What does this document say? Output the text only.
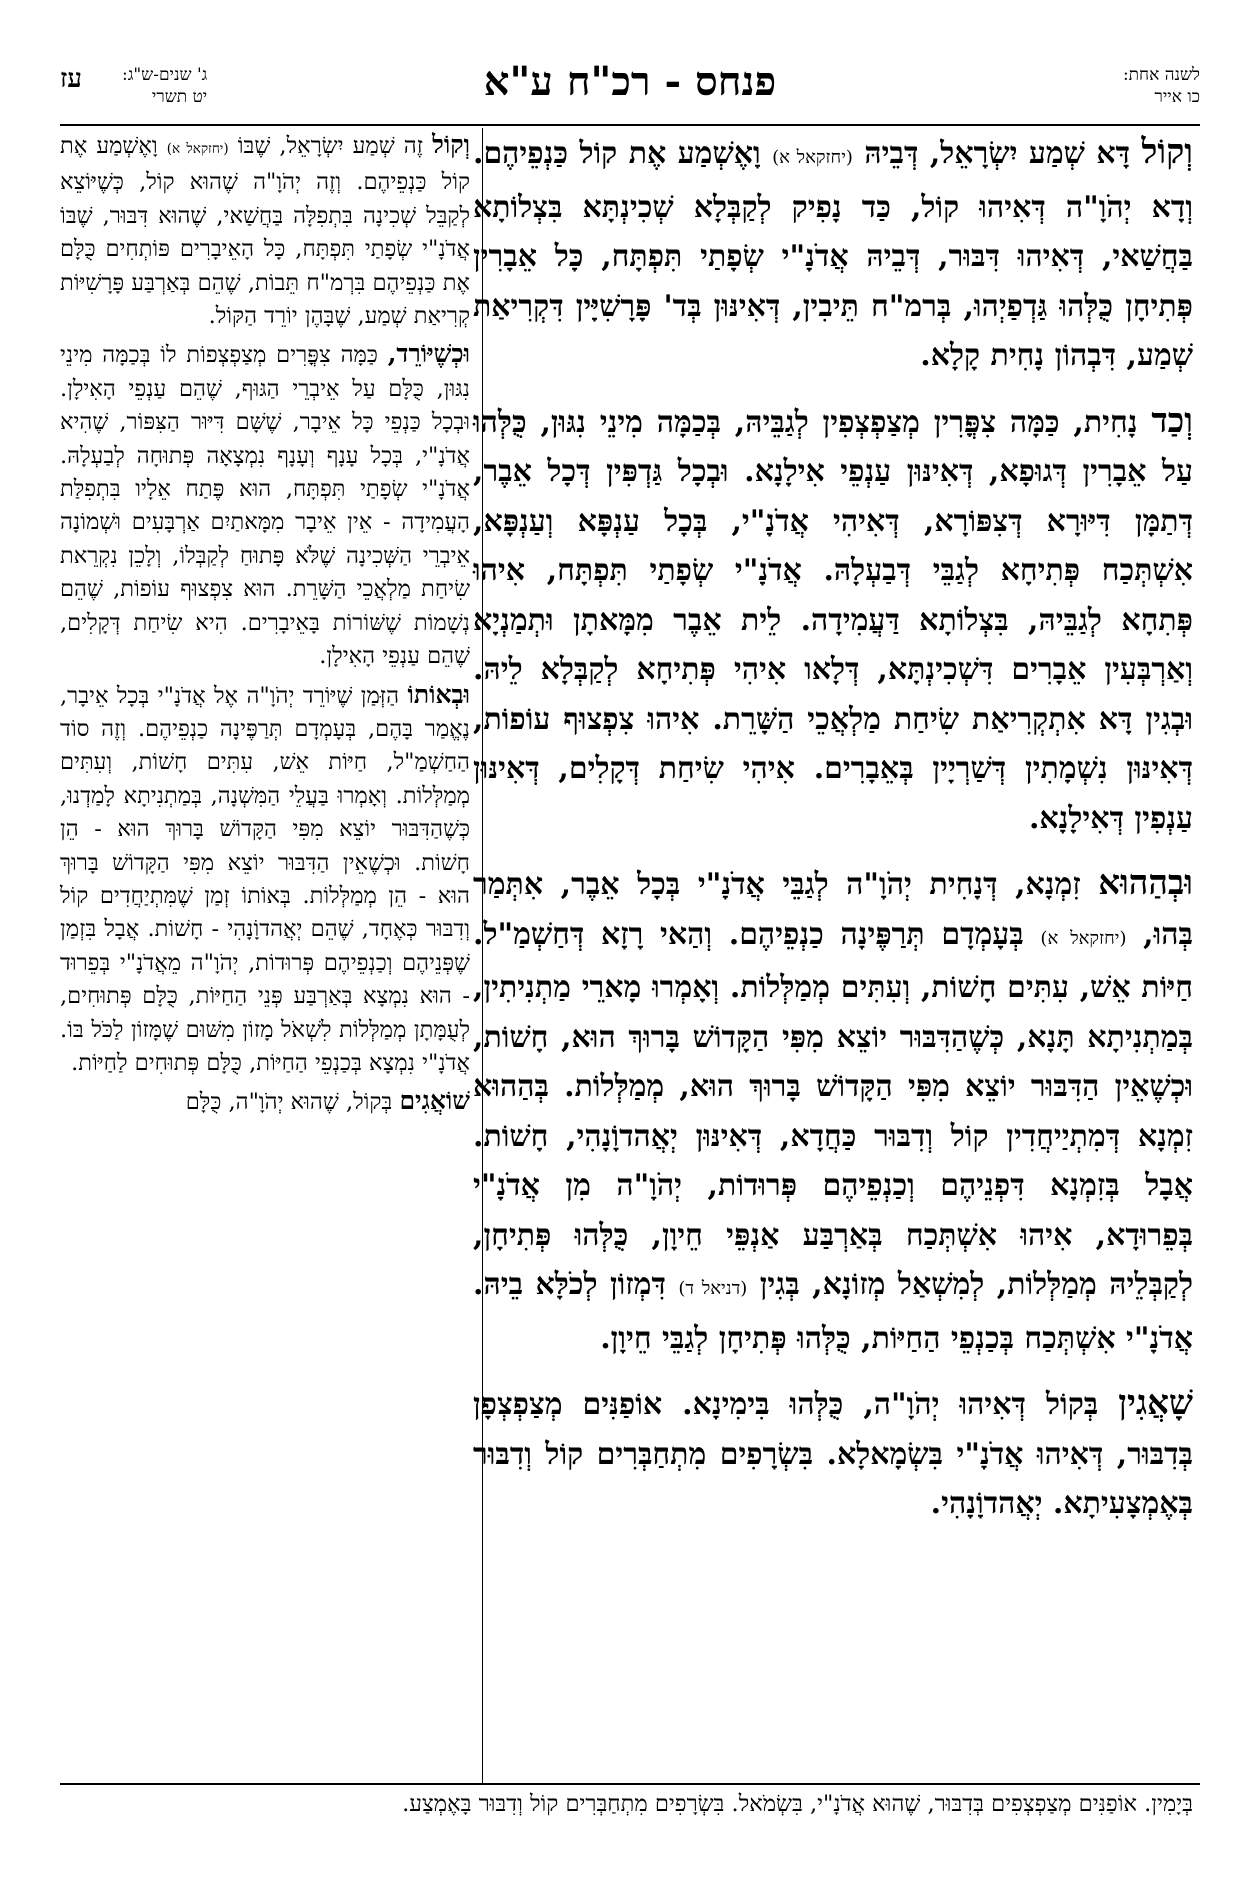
לשנה אחת:
כו אייר
פנחס - רכ"ח ע"א
ג' שנים-ש"ג:
יט תשרי
עז

וְקוֹל דָּא שְׁמַע יִשְׂרָאֵל, דְּבֵיהּ (יחזקאל א) וָאֶשְׁמַע אֶת קוֹל כַּנְפֵיהֶם. וְדָא יְהֹוָ"ה דְּאִיהוּ קוֹל, כַּד נָפִיק לְקַבְּלָא שְׁכִינְתָּא בִּצְלוֹתָא בַּחֲשַׁאי, דְּאִיהוּ דִּבּוּר, דְּבֵיהּ אֲדֹנָ"י שְׂפָתַי תִּפְתָּח, כָּל אֵבָרִין פְּתִיחָן כֻּלְּהוּ גַּדְפַיְהוּ, בְּרמ"ח תֵּיבִין, דְּאִינּוּן בְּד' פָּרָשִׁיָּין דִּקְרִיאַת שְׁמַע, דִּבְהוֹן נָחִית קָלָא.

וְכַד נָחִית, כַּמָּה צִפֳּרִין מְצַפְצְפִין לְגַבֵּיהּ, בְּכַמָּה מִינֵי נִגּוּן, כֻּלְּהוּ עַל אֵבָרִין דְּגוּפָא, דְּאִינּוּן עַנְפֵי אִילָנָא. וּבְכָל גַּדְפִּין דְּכָל אֵבֶר, דְּתַמָּן דִּיּוּרָא דְּצִפּוֹרָא, דְּאִיהִי אֲדֹנָ"י, בְּכָל עַנְפָּא וְעַנְפָּא, אִשְׁתְּכַח פְּתִיחָא לְגַבֵּי דְּבַעְלָהּ. אֲדֹנָ"י שְׂפָתַי תִּפְתָּח, אִיהוּ פְּתִחָא לְגַבֵּיהּ, בִּצְלוֹתָא דַּעֲמִידָה. לֵית אֵבֶר מִמָּאתָן וּתְמַנְיָא וְאַרְבְּעִין אֵבָרִים דִּשְׁכִינְתָּא, דְּלָאו אִיהִי פְּתִיחָא לְקַבְּלָא לֵיהּ. וּבְגִין דָּא אִתְקְרִיאַת שִׂיחַת מַלְאֲכֵי הַשָּׁרֵת. אִיהוּ צִפְצוּף עוֹפוֹת, דְּאִינּוּן נִשְׁמָתִין דְּשַׁרְיָין בְּאֵבָרִים. אִיהִי שִׂיחַת דְּקָלִים, דְּאִינּוּן עַנְפִין דְּאִילָנָא.

וּבְהַהוּא זִמְנָא, דְּנָחִית יְהֹוָ"ה לְגַבֵּי אֲדֹנָ"י בְּכָל אֵבֶר, אִתְּמַר בְּהוּ, (יחזקאל א) בְּעָמְדָם תְּרַפֶּינָה כַנְפֵיהֶם. וְהַאי רָזָא דְּחַשְׁמַ"ל. חַיּוֹת אֵשׁ, עִתִּים חָשׁוֹת, וְעִתִּים מְמַלְּלוֹת. וְאָמְרוּ מָארֵי מַתְנִיתִין, בְּמַתְנִיתָא תָּנָא, כְּשֶׁהַדִּבּוּר יוֹצֵא מִפִּי הַקָּדוֹשׁ בָּרוּךְ הוּא, חָשׁוֹת, וּכְשֶׁאֵין הַדִּבּוּר יוֹצֵא מִפִּי הַקָּדוֹשׁ בָּרוּךְ הוּא, מְמַלְּלוֹת. בְּהַהוּא זִמְנָא דְּמִתְיַיחֲדִין קוֹל וְדִבּוּר כַּחֲדָא, דְּאִינּוּן יְאֲהדוָֹנָהִי, חָשׁוֹת. אֲבָל בְּזִמְנָא דִּפְנֵיהֶם וְכַנְפֵיהֶם פְּרוּדוֹת, יְהֹוָ"ה מִן אֲדֹנָ"י בְּפֵרוּדָא, אִיהוּ אִשְׁתְּכַח בְּאַרְבַּע אַנְפֵּי חֵיוָן, כֻּלְּהוּ פְּתִיחָן, לְקַבְּלֵיהּ מְמַלְּלוֹת, לְמִשְׁאַל מְזוֹנָא, בְּגִין (דניאל ד) דִּמְזוֹן לְכֹלָּא בֵיהּ. אֲדֹנָ"י אִשְׁתְּכַח בְּכַנְפֵי הַחַיּוֹת, כֻּלְּהוּ פְּתִיחָן לְגַבֵּי חֵיוָן.

שָׁאֲגִין בְּקוֹל דְּאִיהוּ יְהֹוָ"ה, כֻּלְּהוּ בִּימִינָא. אוֹפַנִּים מְצַפְצְפָן בְּדִבּוּר, דְּאִיהוּ אֲדֹנָ"י בִּשְׂמָאלָא. בִּשְׂרָפִים מִתְחַבְּרִים קוֹל וְדִבּוּר בְּאֶמְצָעִיתָא. יְאֲהדוָֹנָהִי.

וְקוֹל זֶה שְׁמַע יִשְׂרָאֵל, שֶׁבּוֹ (יחזקאל א) וָאֶשְׁמַע אֶת קוֹל כַּנְפֵיהֶם. וְזֶה יְהֹוָ"ה שֶׁהוּא קוֹל, כְּשֶׁיּוֹצֵא לְקַבֵּל שְׁכִינָה בִּתְפִלָּה בַּחֲשַׁאי, שֶׁהוּא דִּבּוּר, שֶׁבּוֹ אֲדֹנָ"י שְׂפָתַי תִּפְתָּח, כָּל הָאֵיבָרִים פּוֹתְחִים כֻּלָּם אֶת כַּנְפֵיהֶם בִּרְמ"ח תֵּבוֹת, שֶׁהֵם בְּאַרְבַּע פָּרָשִׁיּוֹת קְרִיאַת שְׁמַע, שֶׁבָּהֶן יוֹרֵד הַקּוֹל.

וּכְשֶׁיּוֹרֵד, כַּמָּה צִפֳּרִים מְצַפְצְפוֹת לוֹ בְּכַמָּה מִינֵי נִגּוּן, כֻּלָּם עַל אֵיבְרֵי הַגּוּף, שֶׁהֵם עַנְפֵי הָאִילָן. וּבְכָל כַּנְפֵי כָּל אֵיבָר, שֶׁשָּׁם דִּיּוּר הַצִּפּוֹר, שֶׁהִיא אֲדֹנָ"י, בְּכָל עָנָף וְעָנָף נִמְצָאָה פְּתוּחָה לְבַעְלָהּ. אֲדֹנָ"י שְׂפָתַי תִּפְתָּח, הוּא פֶּתַח אֵלָיו בִּתְפִלַּת הָעֲמִידָה - אֵין אֵיבָר מִמָּאתַיִם אַרְבָּעִים וּשְׁמוֹנָה אֵיבְרֵי הַשְּׁכִינָה שֶׁלֹּא פָּתוּחַ לְקַבְּלוֹ, וְלָכֵן נִקְרֵאת שִׂיחַת מַלְאֲכֵי הַשָּׁרֵת. הוּא צִפְצוּף עוֹפוֹת, שֶׁהֵם נְשָׁמוֹת שֶׁשּׁוֹרוֹת בָּאֵיבָרִים. הִיא שִׂיחַת דְּקָלִים, שֶׁהֵם עַנְפֵי הָאִילָן.

וּבְאוֹתוֹ הַזְּמַן שֶׁיּוֹרֵד יְהֹוָ"ה אֶל אֲדֹנָ"י בְּכָל אֵיבָר, נֶאֱמַר בָּהֶם, בְּעָמְדָם תְּרַפֶּינָה כַנְפֵיהֶם. וְזֶה סוֹד הַחַשְׁמַ"ל, חַיּוֹת אֵשׁ, עִתִּים חָשׁוֹת, וְעִתִּים מְמַלְּלוֹת. וְאָמְרוּ בַּעֲלֵי הַמִּשְׁנָה, בְּמַתְנִיתָא לָמַדְנוּ, כְּשֶׁהַדִּבּוּר יוֹצֵא מִפִּי הַקָּדוֹשׁ בָּרוּךְ הוּא - הֵן חָשׁוֹת. וּכְשֶׁאֵין הַדִּבּוּר יוֹצֵא מִפִּי הַקָּדוֹשׁ בָּרוּךְ הוּא - הֵן מְמַלְּלוֹת. בְּאוֹתוֹ זְמַן שֶׁמִּתְיַחֲדִים קוֹל וְדִבּוּר כְּאֶחָד, שֶׁהֵם יְאֲהדוָֹנָהִי - חָשׁוֹת. אֲבָל בִּזְמַן שֶׁפְּנֵיהֶם וְכַנְפֵיהֶם פְּרוּדוֹת, יְהֹוָ"ה מֵאֲדֹנָ"י בְּפֵרוּד - הוּא נִמְצָא בְּאַרְבַּע פְּנֵי הַחַיּוֹת, כֻּלָּם פְּתוּחִים, לְעֻמָּתָן מְמַלְּלוֹת לִשְׁאֹל מָזוֹן מִשּׁוּם שֶׁמָּזוֹן לַכֹּל בּוֹ. אֲדֹנָ"י נִמְצָא בְּכַנְפֵי הַחַיּוֹת, כֻּלָּם פְּתוּחִים לַחַיּוֹת.

שׁוֹאֲגִים בְּקוֹל, שֶׁהוּא יְהֹוָ"ה, כֻּלָּם

בְּיָמִין. אוֹפַנִּים מְצַפְצְפִים בְּדִבּוּר, שֶׁהוּא אֲדֹנָ"י, בִּשְׂמֹאל. בִּשְׂרָפִים מִתְחַבְּרִים קוֹל וְדִבּוּר בָּאֶמְצַע.
